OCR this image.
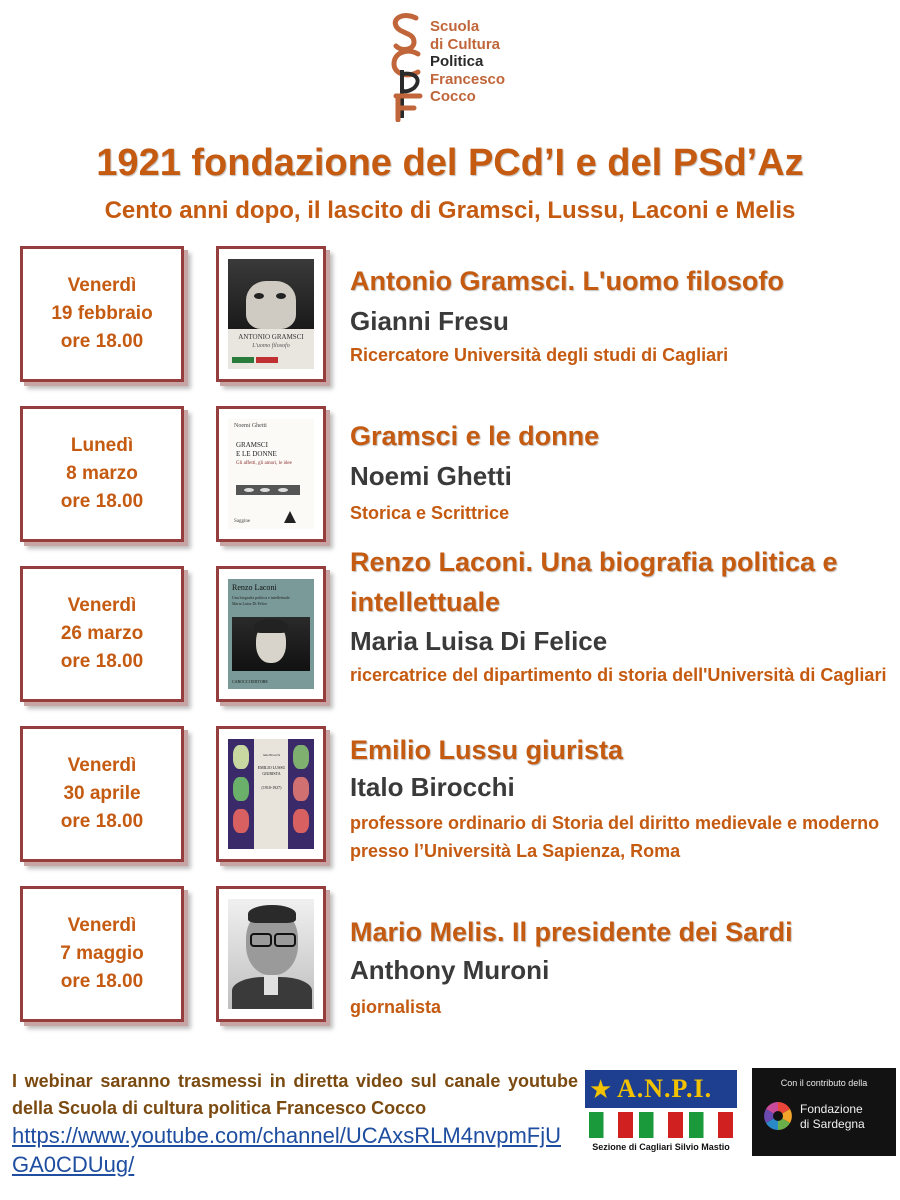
Scuola
di Cultura
Politica
Francesco
Cocco
1921 fondazione del PCd’I e del PSd’Az
Cento anni dopo, il lascito di Gramsci, Lussu, Laconi e Melis
Venerdì
19 febbraio
ore 18.00	ANTONIO GRAMSCI
L'uomo filosofo
Antonio Gramsci. L'uomo filosofo
Gianni Fresu
Ricercatore Università degli studi di Cagliari
Lunedì
8 marzo
ore 18.00
Noemi Ghetti
GRAMSCI
E LE DONNE
Gli affetti, gli amori, le idee
Saggine
Gramsci e le donne
Noemi Ghetti
Storica e Scrittrice
Venerdì
26 marzo
ore 18.00
Renzo Laconi
Una biografia politica e intellettuale
Maria Luisa Di Felice
CAROCCI EDITORE
Renzo Laconi. Una biografia politica e intellettuale
Maria Luisa Di Felice
ricercatrice del dipartimento di storia dell'Università di Cagliari
Venerdì
30 aprile
ore 18.00
Italo Birocchi
EMILIO LUSSU GIURISTA
(1910-1927)
Emilio Lussu giurista
Italo Birocchi
professore ordinario di Storia del diritto medievale e moderno presso l’Università La Sapienza, Roma
Venerdì
7 maggio
ore 18.00
Mario Melis. Il presidente dei Sardi
Anthony Muroni
giornalista
I webinar saranno trasmessi in diretta video sul canale youtube della Scuola di cultura politica Francesco Cocco
https://www.youtube.com/channel/UCAxsRLM4nvpmFjUGA0CDUug/
★ A.N.P.I.
Sezione di Cagliari Silvio Mastio
Con il contributo della
Fondazione
di Sardegna
